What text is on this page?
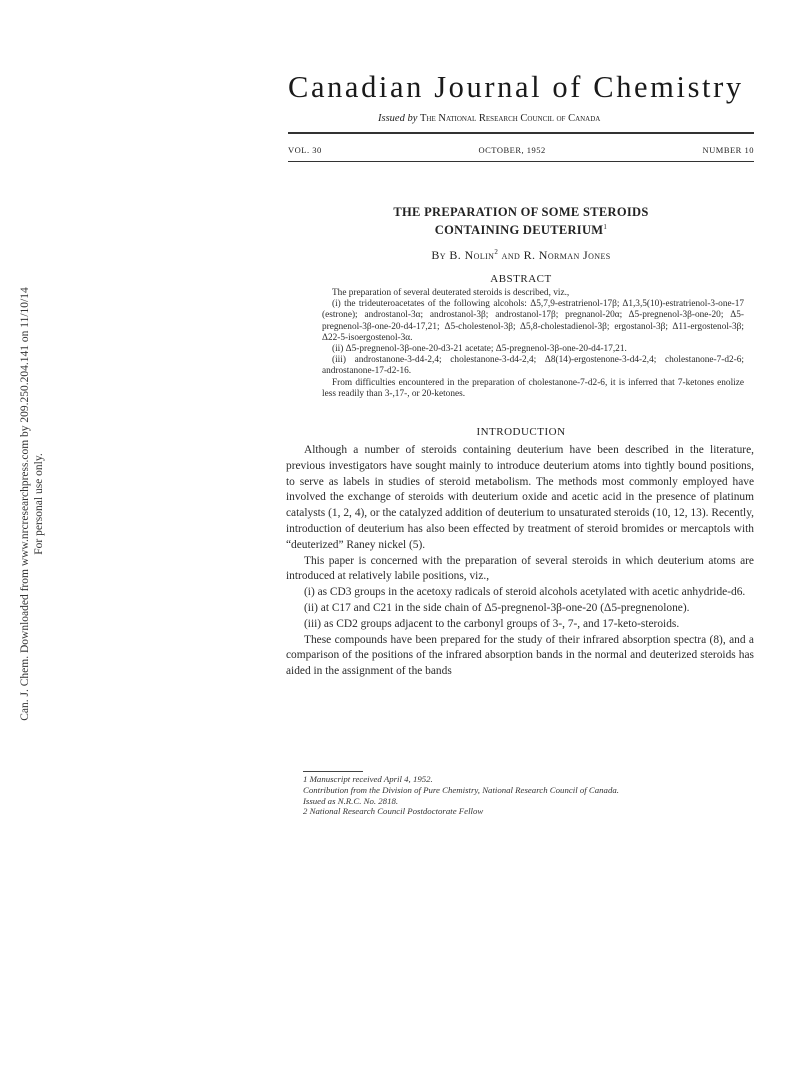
Can. J. Chem. Downloaded from www.nrcresearchpress.com by 209.250.204.141 on 11/10/14 For personal use only.
Canadian Journal of Chemistry
Issued by The National Research Council of Canada
VOL. 30	OCTOBER, 1952	NUMBER 10
THE PREPARATION OF SOME STEROIDS
CONTAINING DEUTERIUM$^1$
By B. Nolin$^2$ and R. Norman Jones
ABSTRACT

The preparation of several deuterated steroids is described, viz.,

(i) the trideuteroacetates of the following alcohols: Δ5,7,9-estratrienol-17β; Δ1,3,5(10)-estratrienol-3-one-17 (estrone); androstanol-3α; androstanol-3β; androstanol-17β; pregnanol-20α; Δ5-pregnenol-3β-one-20; Δ5-pregnenol-3β-one-20-d4-17,21; Δ5-cholestenol-3β; Δ5,8-cholestadienol-3β; ergostanol-3β; Δ11-ergostenol-3β; Δ22-5-isoergostenol-3α.

(ii) Δ5-pregnenol-3β-one-20-d3-21 acetate; Δ5-pregnenol-3β-one-20-d4-17,21.

(iii) androstanone-3-d4-2,4; cholestanone-3-d4-2,4; Δ8(14)-ergostenone-3-d4-2,4; cholestanone-7-d2-6; androstanone-17-d2-16.

From difficulties encountered in the preparation of cholestanone-7-d2-6, it is inferred that 7-ketones enolize less readily than 3-,17-, or 20-ketones.

INTRODUCTION

Although a number of steroids containing deuterium have been described in the literature, previous investigators have sought mainly to introduce deuterium atoms into tightly bound positions, to serve as labels in studies of steroid metabolism. The methods most commonly employed have involved the exchange of steroids with deuterium oxide and acetic acid in the presence of platinum catalysts (1, 2, 4), or the catalyzed addition of deuterium to unsaturated steroids (10, 12, 13). Recently, introduction of deuterium has also been effected by treatment of steroid bromides or mercaptols with “deuterized” Raney nickel (5).

This paper is concerned with the preparation of several steroids in which deuterium atoms are introduced at relatively labile positions, viz.,

(i) as CD3 groups in the acetoxy radicals of steroid alcohols acetylated with acetic anhydride-d6.

(ii) at C17 and C21 in the side chain of Δ5-pregnenol-3β-one-20 (Δ5-pregnenolone).

(iii) as CD2 groups adjacent to the carbonyl groups of 3-, 7-, and 17-keto-steroids.

These compounds have been prepared for the study of their infrared absorption spectra (8), and a comparison of the positions of the infrared absorption bands in the normal and deuterized steroids has aided in the assignment of the bands

1 Manuscript received April 4, 1952.

Contribution from the Division of Pure Chemistry, National Research Council of Canada.

Issued as N.R.C. No. 2818.

2 National Research Council Postdoctorate Fellow
